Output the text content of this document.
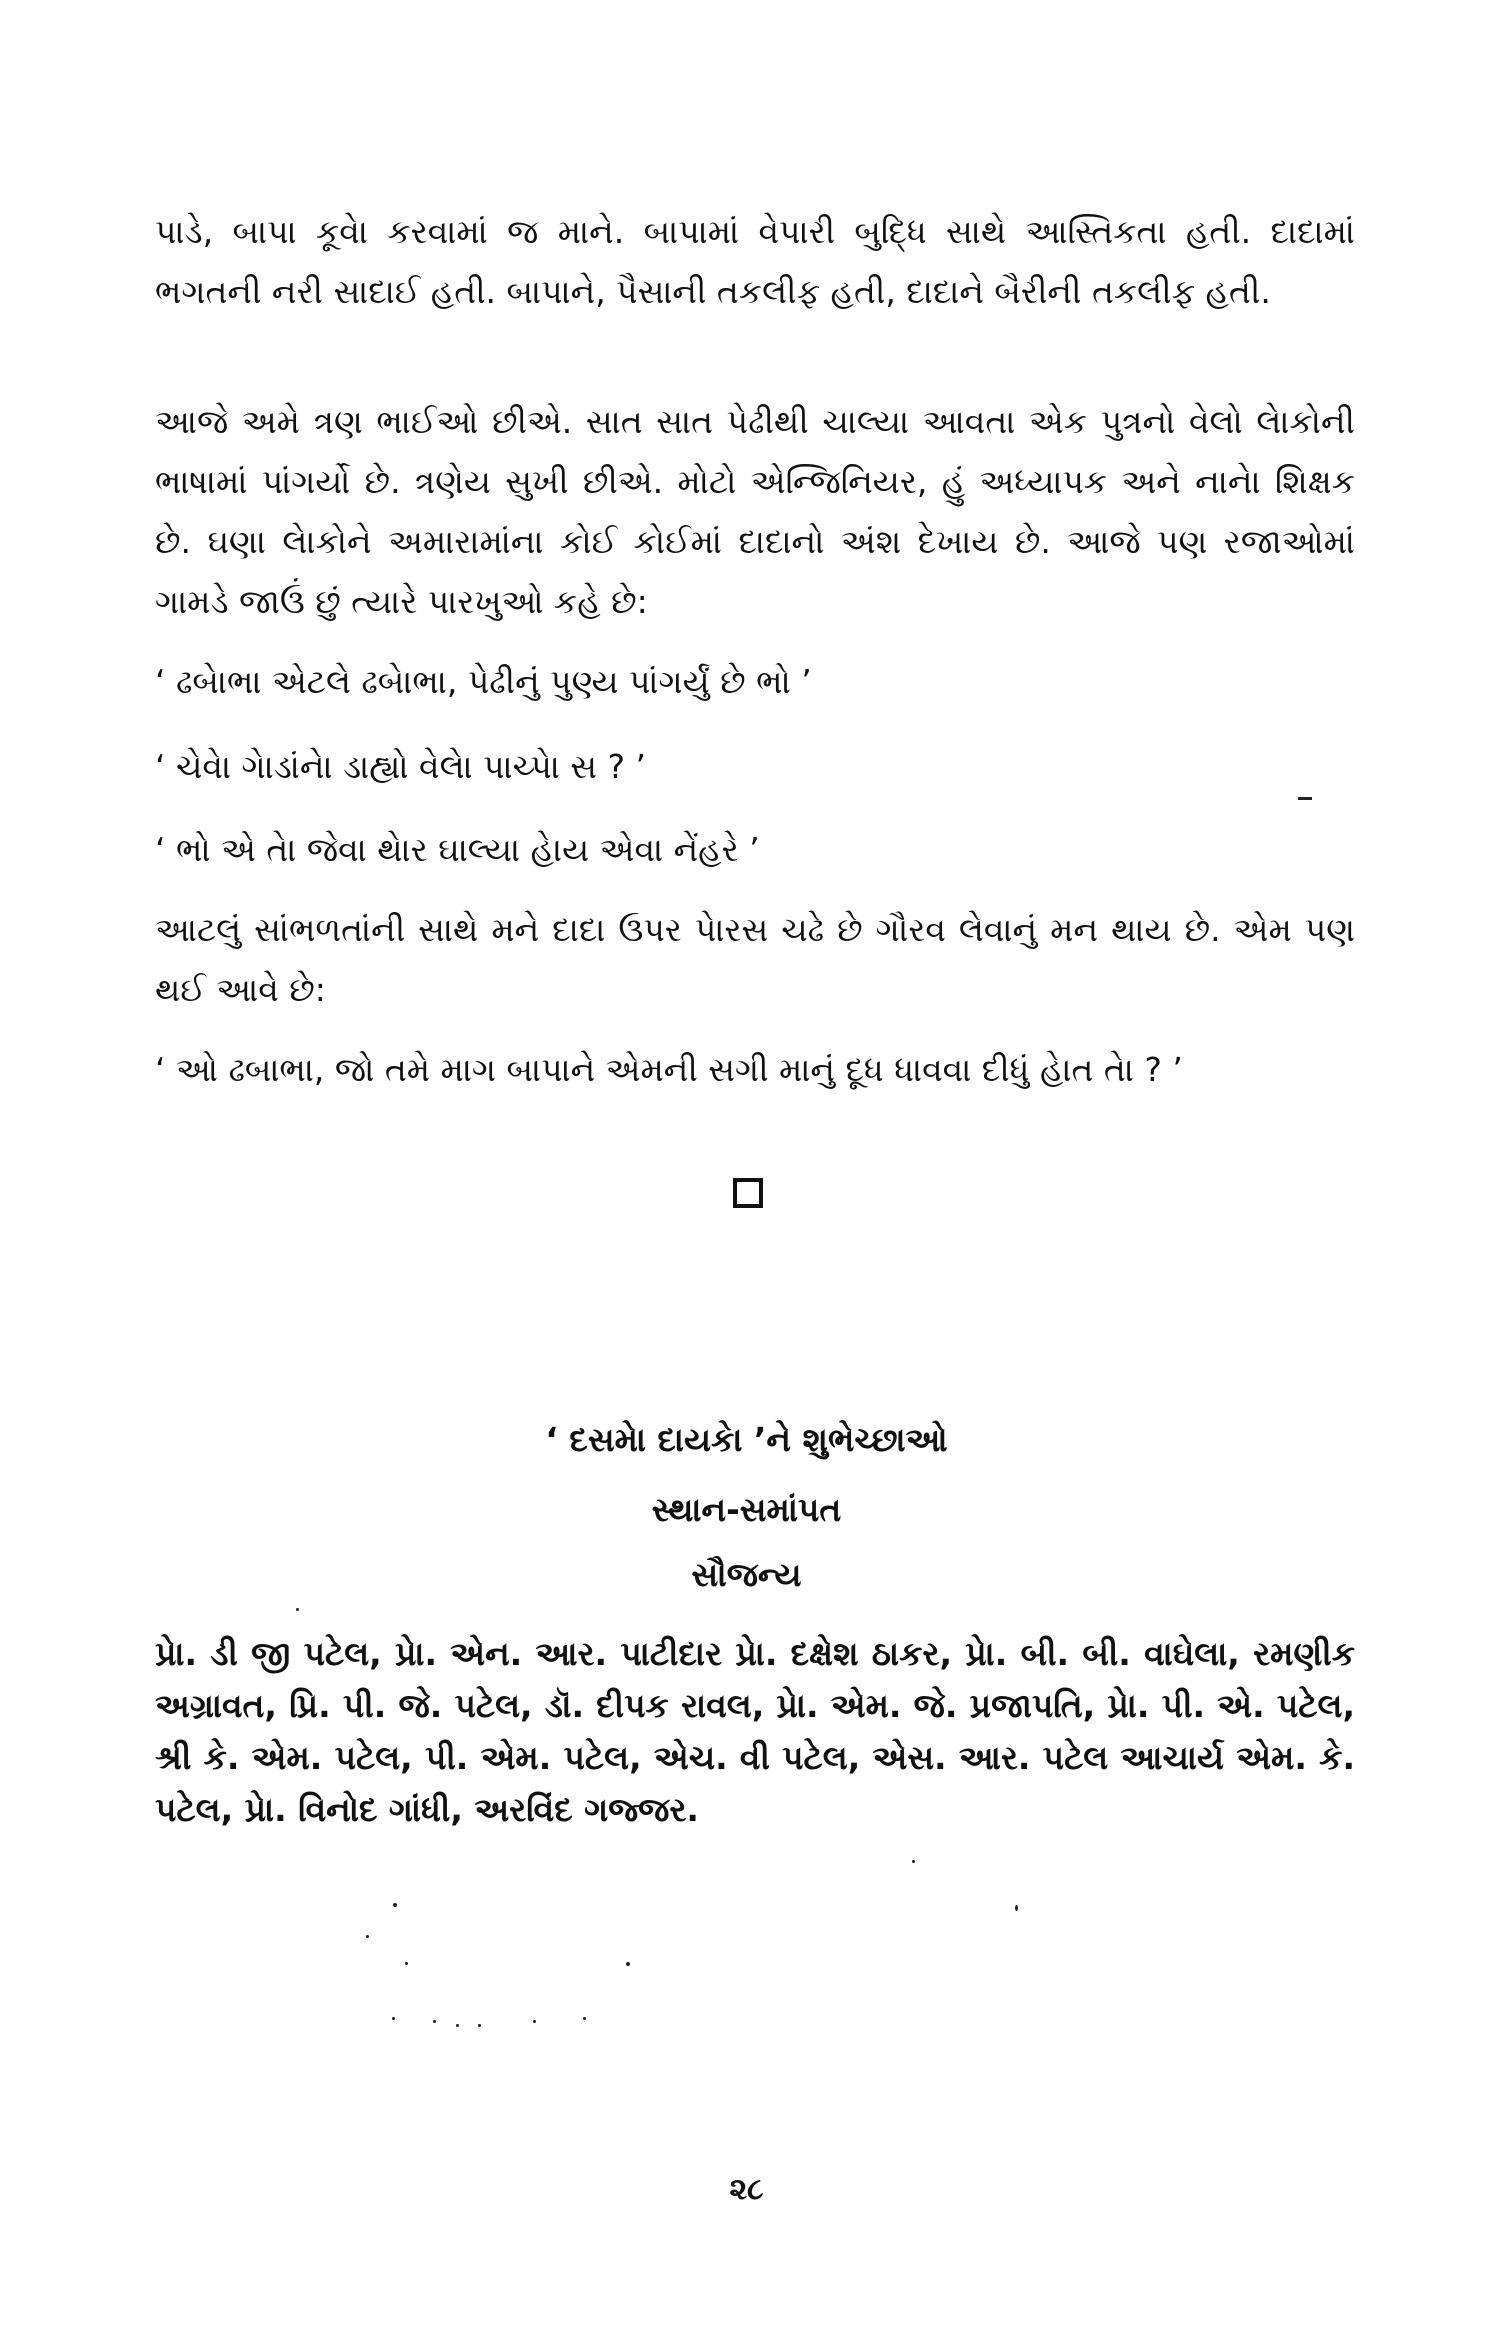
પાડે, બાપા કૂવેા કરવામાં જ માને. બાપામાં વેપારી બુદ્ધિ સાથે આસ્તિકતા હતી. દાદામાં ભગતની નરી સાદાઈ હતી. બાપાને, પૈસાની તકલીફ હતી, દાદાને બૈરીની તકલીફ હતી.

આજે અમે ત્રણ ભાઈઓ છીએ. સાત સાત પેઢીથી ચાલ્યા આવતા એક પુત્રનો વેલો લેાકોની ભાષામાં પાંગર્યો છે. ત્રણેય સુખી છીએ. મોટો એન્જિનિયર, હું અધ્યાપક અને નાનેા શિક્ષક છે. ઘણા લેાકોને અમારામાંના કોઈ કોઈમાં દાદાનો અંશ દેખાય છે. આજે પણ રજાઓમાં ગામડે જાઉં છું ત્યારે પારખુઓ કહે છે:

‘ ઢબેાભા એટલે ઢબેાભા, પેઢીનું પુણ્ય પાંગર્યું છે ભો ’

‘ ચેવેા ગેાડાંનેા ડાહ્યો વેલેા પાચ્પેા સ ? ’

‘ ભો એ તેા જેવા થેાર ઘાલ્યા હેાય એવા નેંહરે ’

આટલું સાંભળતાંની સાથે મને દાદા ઉપર પેારસ ચઢે છે ગૌરવ લેવાનું મન થાય છે. એમ પણ થઈ આવે છે:

‘ ઓ ઢબાભા, જો તમે માગ બાપાને એમની સગી માનું દૂધ ધાવવા દીધું હેાત તેા ? ’

‘ દસમેા દાયકેા ’ને શુભેચ્છાઓ

સ્થાન-સમાંપત

સૌજન્ય

પ્રેા. ડી જી પટેલ, પ્રેા. એન. આર. પાટીદાર પ્રેા. દક્ષેશ ઠાકર, પ્રેા. બી. બી. વાઘેલા, રમણીક અગ્રાવત, પ્રિ. પી. જે. પટેલ, ડૉ. દીપક રાવલ, પ્રેા. એમ. જે. પ્રજાપતિ, પ્રેા. પી. એ. પટેલ, શ્રી કે. એમ. પટેલ, પી. એમ. પટેલ, એચ. વી પટેલ, એસ. આર. પટેલ આચાર્ય એમ. કે. પટેલ, પ્રેા. વિનોદ ગાંધી, અરવિંદ ગજ્જર.

૨૮
